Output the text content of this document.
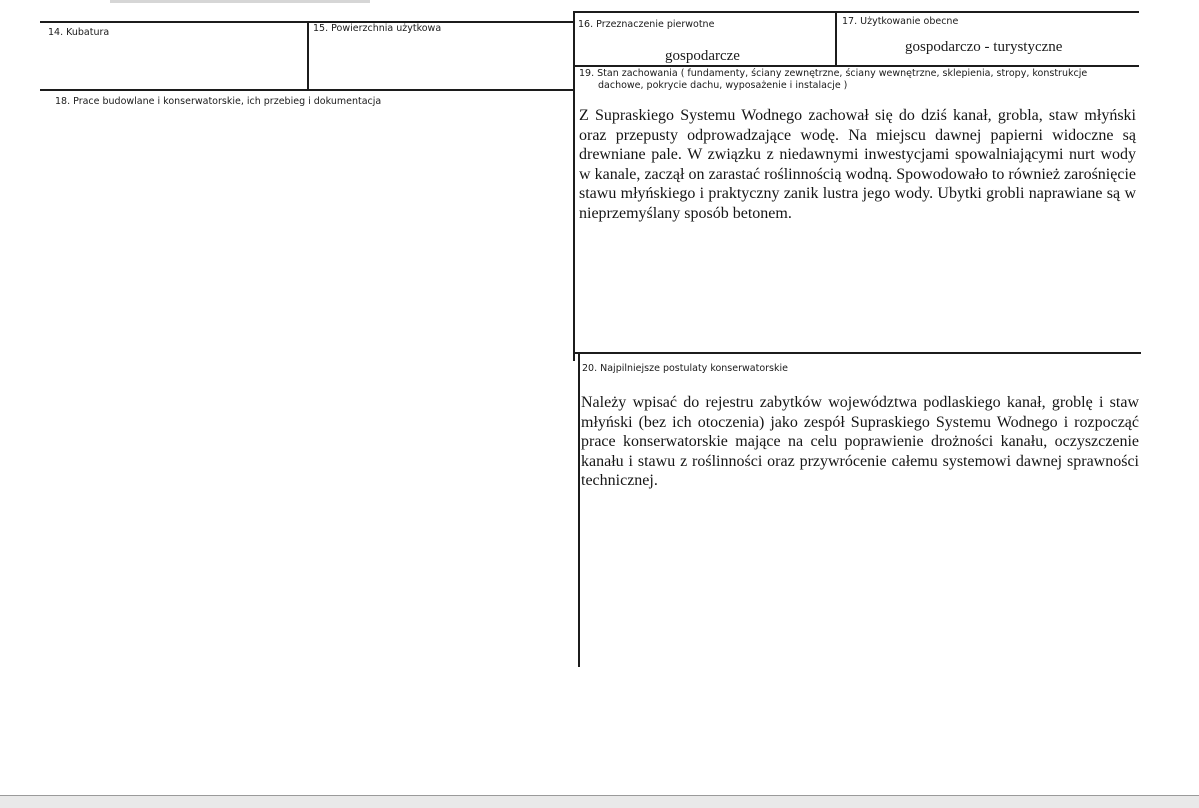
14. Kubatura	15. Powierzchnia użytkowa	16. Przeznaczenie pierwotne
gospodarcze
17. Użytkowanie obecne
gospodarczo - turystyczne
18. Prace budowlane i konserwatorskie, ich przebieg i dokumentacja
19. Stan zachowania ( fundamenty, ściany zewnętrzne, ściany wewnętrzne, sklepienia, stropy, konstrukcje
dachowe, pokrycie dachu, wyposażenie i instalacje )

Z Supraskiego Systemu Wodnego zachował się do dziś kanał, grobla, staw młyński oraz przepusty odprowadzające wodę. Na miejscu dawnej papierni widoczne są drewniane pale. W związku z niedawnymi inwestycjami spowalniającymi nurt wody w kanale, zaczął on zarastać roślinnością wodną. Spowodowało to również zarośnięcie stawu młyńskiego i praktyczny zanik lustra jego wody. Ubytki grobli naprawiane są w nieprzemyślany sposób betonem.

20. Najpilniejsze postulaty konserwatorskie

Należy wpisać do rejestru zabytków województwa podlaskiego kanał, groblę i staw młyński (bez ich otoczenia) jako zespół Supraskiego Systemu Wodnego i rozpocząć prace konserwatorskie mające na celu poprawienie drożności kanału, oczyszczenie kanału i stawu z roślinności oraz przywrócenie całemu systemowi dawnej sprawności technicznej.
